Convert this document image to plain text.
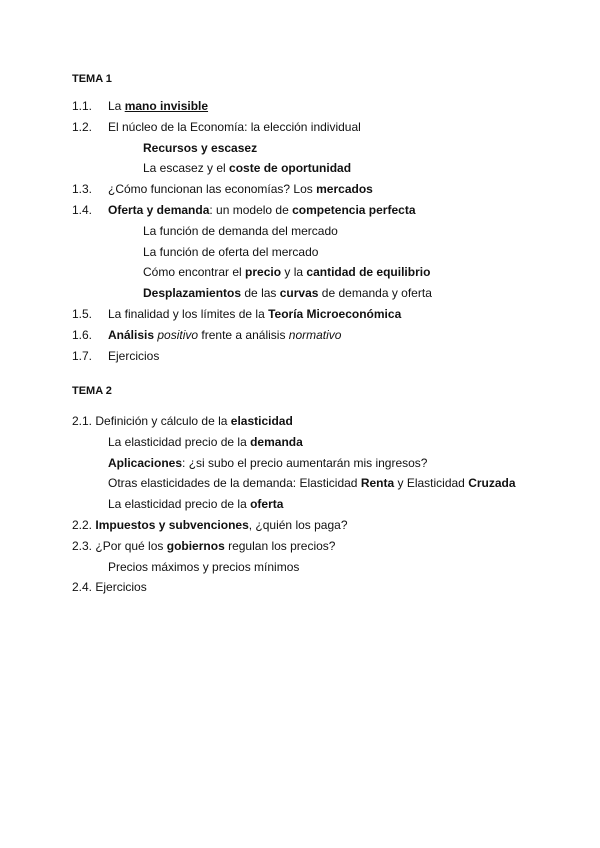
TEMA 1
1.1. La mano invisible
1.2. El núcleo de la Economía: la elección individual
Recursos y escasez
La escasez y el coste de oportunidad
1.3. ¿Cómo funcionan las economías? Los mercados
1.4. Oferta y demanda: un modelo de competencia perfecta
La función de demanda del mercado
La función de oferta del mercado
Cómo encontrar el precio y la cantidad de equilibrio
Desplazamientos de las curvas de demanda y oferta
1.5. La finalidad y los límites de la Teoría Microeconómica
1.6. Análisis positivo frente a análisis normativo
1.7. Ejercicios
TEMA 2
2.1. Definición y cálculo de la elasticidad
La elasticidad precio de la demanda
Aplicaciones: ¿si subo el precio aumentarán mis ingresos?
Otras elasticidades de la demanda: Elasticidad Renta y Elasticidad Cruzada
La elasticidad precio de la oferta
2.2. Impuestos y subvenciones, ¿quién los paga?
2.3. ¿Por qué los gobiernos regulan los precios?
Precios máximos y precios mínimos
2.4. Ejercicios
